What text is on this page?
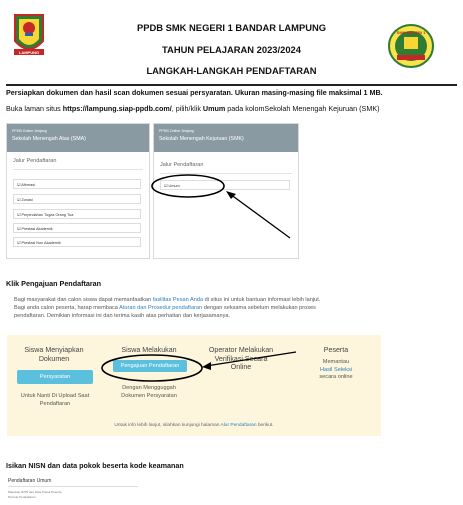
LAMPUNG
SMK NEGERI 1
PPDB SMK NEGERI 1 BANDAR LAMPUNG
TAHUN PELAJARAN 2023/2024
LANGKAH-LANGKAH PENDAFTARAN
Persiapkan dokumen dan hasil scan dokumen sesuai persyaratan. Ukuran masing-masing file maksimal 1 MB.
Buka laman situs https://lampung.siap-ppdb.com/, pilih/klik Umum pada kolomSekolah Menengah Kejuruan (SMK)
PPDB Online Jenjang
Sekolah Menengah Atas (SMA)
Jalur Pendaftaran
☑ Afirmasi
☑ Zonasi
☑ Perpindahan Tugas Orang Tua
☑ Prestasi Akademik
☑ Prestasi Non Akademik
PPDB Online Jenjang
Sekolah Menengah Kejuruan (SMK)
Jalur Pendaftaran
☑ Umum
Klik Pengajuan Pendaftaran
Bagi masyarakat dan calon siswa dapat memanfaatkan fasilitas Pesan Anda di situs ini untuk bantuan informasi lebih lanjut.
Bagi anda calon peserta, harap membaca Aturan dan Prosedur pendaftaran dengan seksama sebelum melakukan proses
pendaftaran. Demikian informasi ini dan terima kasih atas perhatian dan kerjasamanya.
Siswa Menyiapkan
Dokumen
Persyaratan
Untuk Nanti Di Upload Saat
Pendaftaran
Siswa Melakukan
Pengajuan Pendaftaran
Dengan Mengguggah
Dokumen Persyaratan
Operator Melakukan
Verifikasi Secara
Online
Peserta
Memantau
Hasil Seleksi
secara online
Untuk info lebih lanjut, silahkan kunjungi halaman Alur Pendaftaran berikut.
Isikan NISN dan data pokok beserta kode keamanan
Pendaftaran Umum
Masukan NISN dan Data Pokok Peserta
Periode Pendaftaran
